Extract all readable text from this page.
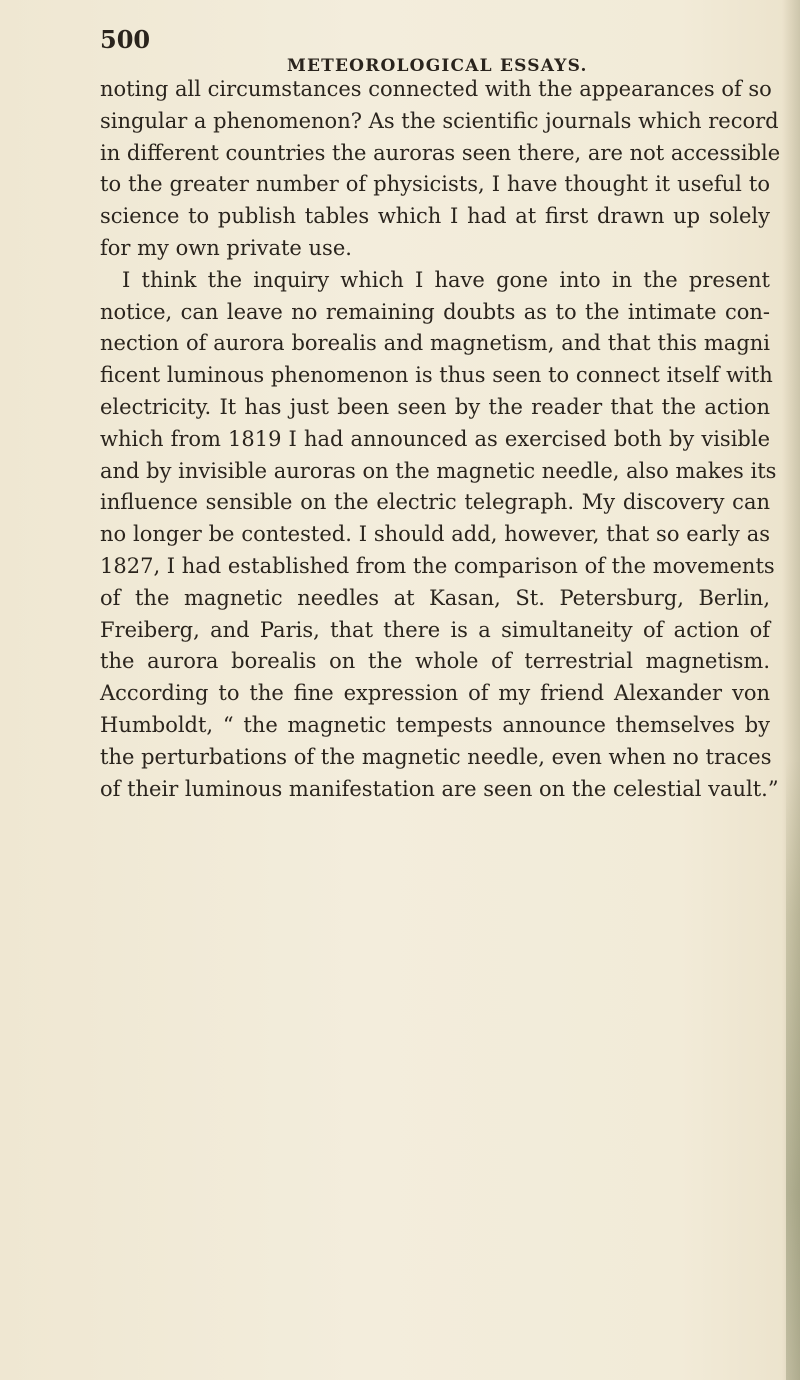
500
METEOROLOGICAL ESSAYS.
noting all circumstances connected with the appearances of so
singular a phenomenon? As the scientific journals which record
in different countries the auroras seen there, are not accessible
to the greater number of physicists, I have thought it useful to
science to publish tables which I had at first drawn up solely
for my own private use.
I think the inquiry which I have gone into in the present
notice, can leave no remaining doubts as to the intimate con-
nection of aurora borealis and magnetism, and that this magni
ficent luminous phenomenon is thus seen to connect itself with
electricity. It has just been seen by the reader that the action
which from 1819 I had announced as exercised both by visible
and by invisible auroras on the magnetic needle, also makes its
influence sensible on the electric telegraph. My discovery can
no longer be contested. I should add, however, that so early as
1827, I had established from the comparison of the movements
of the magnetic needles at Kasan, St. Petersburg, Berlin,
Freiberg, and Paris, that there is a simultaneity of action of
the aurora borealis on the whole of terrestrial magnetism.
According to the fine expression of my friend Alexander von
Humboldt, “ the magnetic tempests announce themselves by
the perturbations of the magnetic needle, even when no traces
of their luminous manifestation are seen on the celestial vault.”
